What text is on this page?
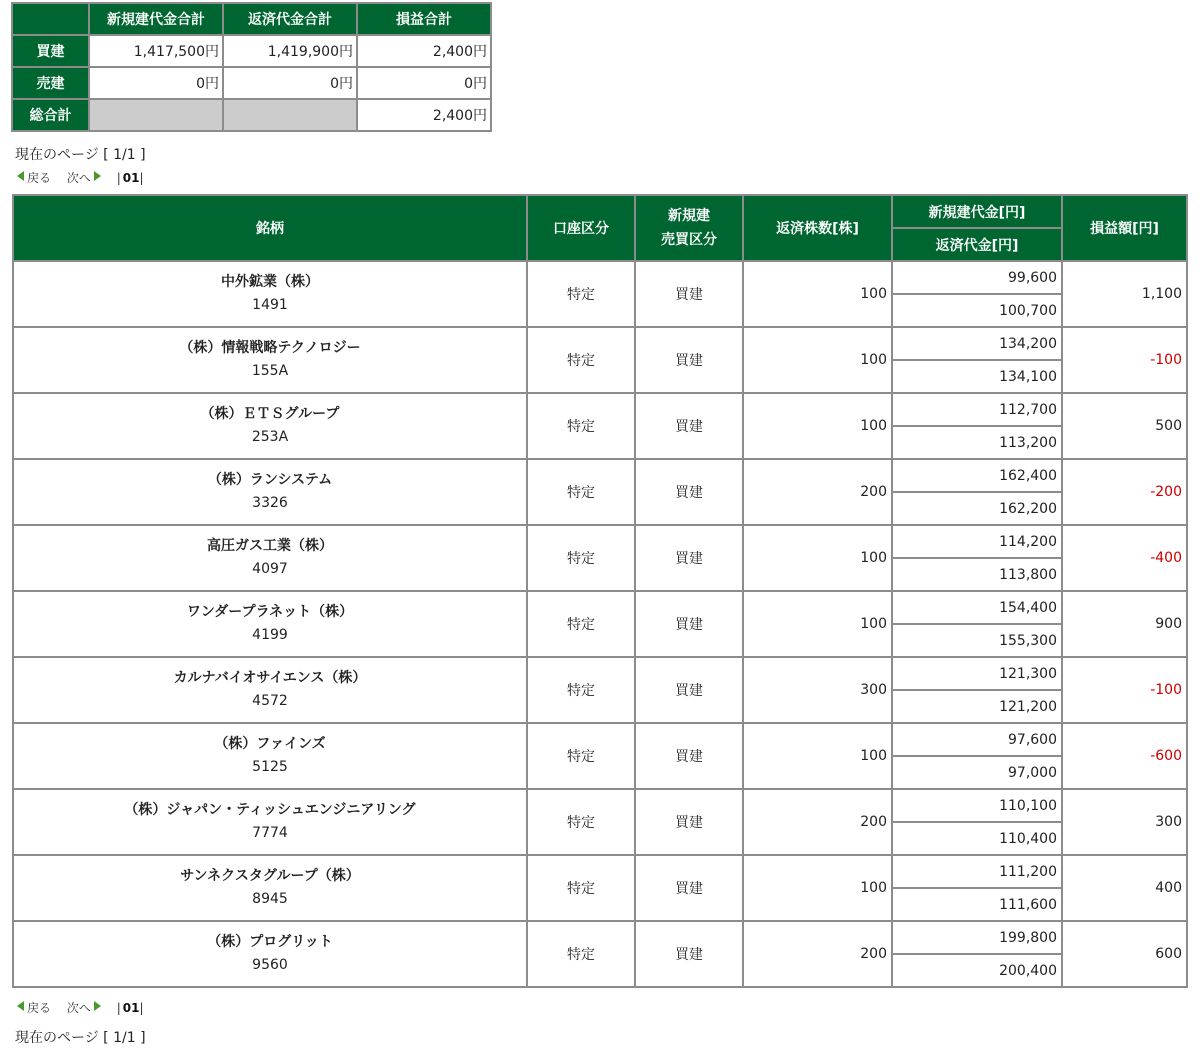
	新規建代金合計	返済代金合計	損益合計
買建	1,417,500円	1,419,900円	2,400円
売建	0円	0円	0円
総合計			2,400円
現在のページ [ 1/1 ]
戻る 次へ | 01|
銘柄	口座区分	新規建
売買区分	返済株数[株]	新規建代金[円]	損益額[円]
				返済代金[円]	

中外鉱業（株）
1491	特定	買建	100	99,600	1,100
				100,700	

（株）情報戦略テクノロジー
155A	特定	買建	100	134,200	-100
				134,100	

（株）ＥＴＳグループ
253A	特定	買建	100	112,700	500
				113,200	

（株）ランシステム
3326	特定	買建	200	162,400	-200
				162,200	

高圧ガス工業（株）
4097	特定	買建	100	114,200	-400
				113,800	

ワンダープラネット（株）
4199	特定	買建	100	154,400	900
				155,300	

カルナバイオサイエンス（株）
4572	特定	買建	300	121,300	-100
				121,200	

（株）ファインズ
5125	特定	買建	100	97,600	-600
				97,000	

（株）ジャパン・ティッシュエンジニアリング
7774	特定	買建	200	110,100	300
				110,400	

サンネクスタグループ（株）
8945	特定	買建	100	111,200	400
				111,600	

（株）プログリット
9560	特定	買建	200	199,800	600
				200,400	
戻る 次へ | 01|
現在のページ [ 1/1 ]
